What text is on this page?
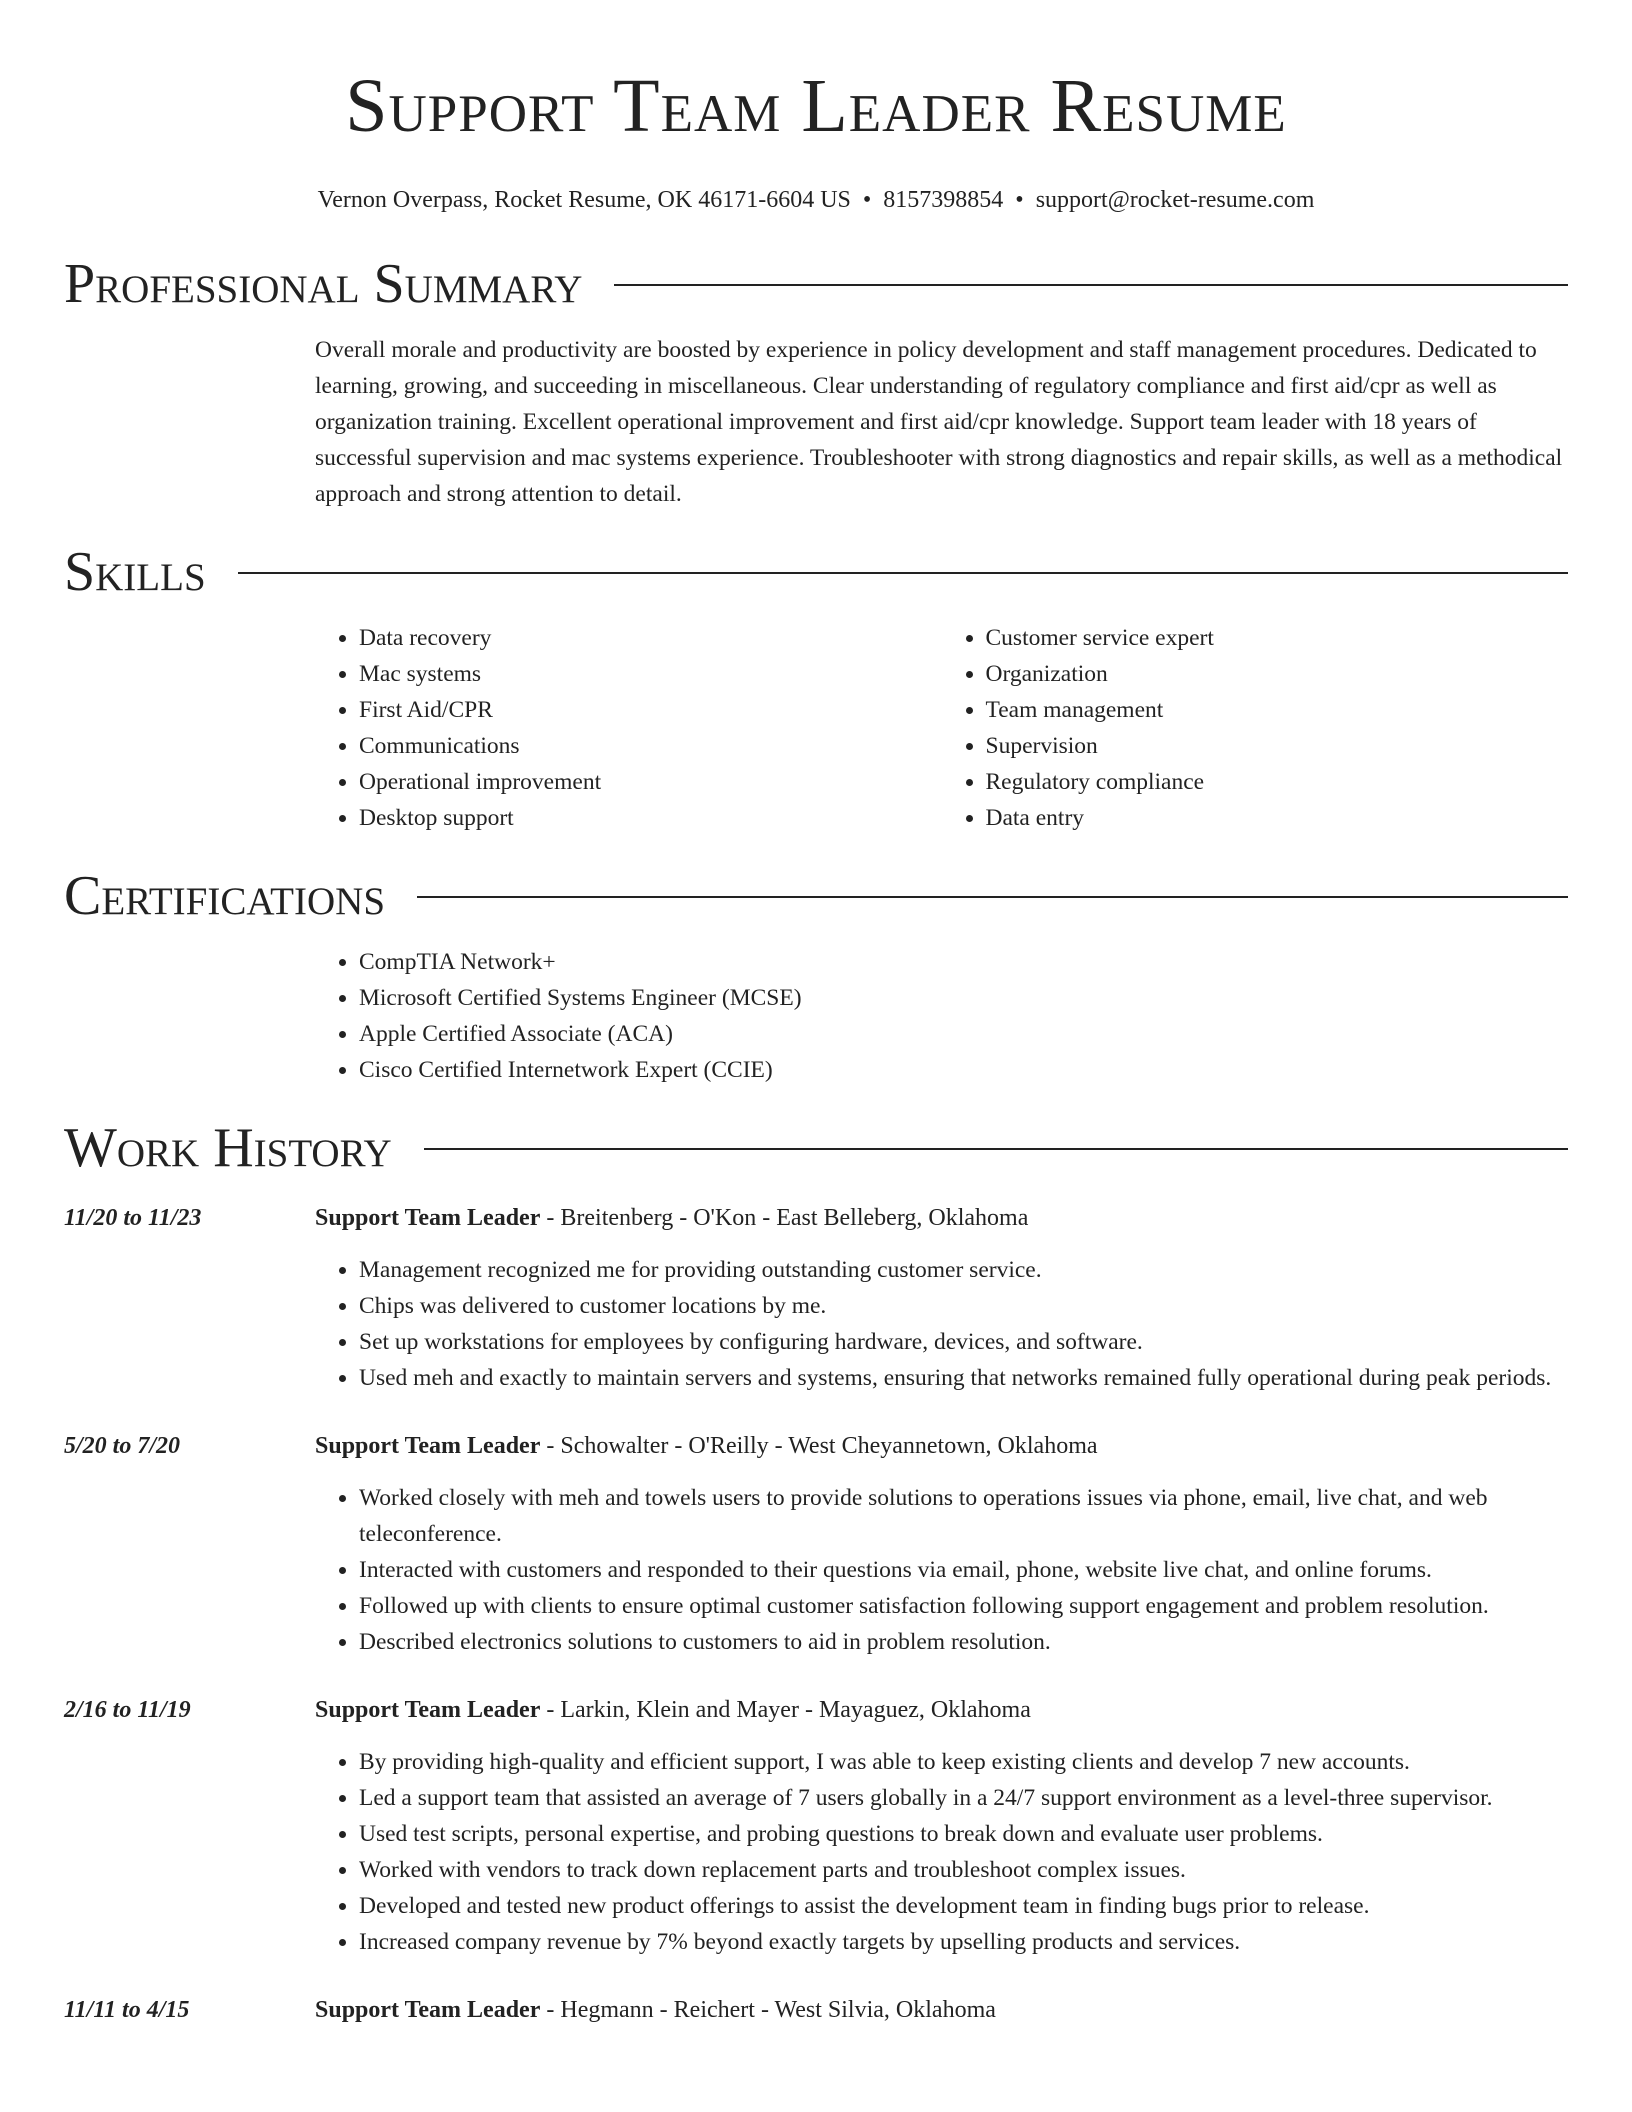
Support Team Leader Resume
Vernon Overpass, Rocket Resume, OK 46171-6604 US • 8157398854 • support@rocket-resume.com
Professional Summary

Overall morale and productivity are boosted by experience in policy development and staff management procedures. Dedicated to learning, growing, and succeeding in miscellaneous. Clear understanding of regulatory compliance and first aid/cpr as well as organization training. Excellent operational improvement and first aid/cpr knowledge. Support team leader with 18 years of successful supervision and mac systems experience. Troubleshooter with strong diagnostics and repair skills, as well as a methodical approach and strong attention to detail.

Skills
• Data recovery
• Mac systems
• First Aid/CPR
• Communications
• Operational improvement
• Desktop support
• Customer service expert
• Organization
• Team management
• Supervision
• Regulatory compliance
• Data entry
Certifications
• CompTIA Network+
• Microsoft Certified Systems Engineer (MCSE)
• Apple Certified Associate (ACA)
• Cisco Certified Internetwork Expert (CCIE)
Work History
11/20 to 11/23	Support Team Leader - Breitenberg - O'Kon - East Belleberg, Oklahoma
• Management recognized me for providing outstanding customer service.
• Chips was delivered to customer locations by me.
• Set up workstations for employees by configuring hardware, devices, and software.
• Used meh and exactly to maintain servers and systems, ensuring that networks remained fully operational during peak periods.
5/20 to 7/20	Support Team Leader - Schowalter - O'Reilly - West Cheyannetown, Oklahoma
• Worked closely with meh and towels users to provide solutions to operations issues via phone, email, live chat, and web teleconference.
• Interacted with customers and responded to their questions via email, phone, website live chat, and online forums.
• Followed up with clients to ensure optimal customer satisfaction following support engagement and problem resolution.
• Described electronics solutions to customers to aid in problem resolution.
2/16 to 11/19	Support Team Leader - Larkin, Klein and Mayer - Mayaguez, Oklahoma
• By providing high-quality and efficient support, I was able to keep existing clients and develop 7 new accounts.
• Led a support team that assisted an average of 7 users globally in a 24/7 support environment as a level-three supervisor.
• Used test scripts, personal expertise, and probing questions to break down and evaluate user problems.
• Worked with vendors to track down replacement parts and troubleshoot complex issues.
• Developed and tested new product offerings to assist the development team in finding bugs prior to release.
• Increased company revenue by 7% beyond exactly targets by upselling products and services.
11/11 to 4/15	Support Team Leader - Hegmann - Reichert - West Silvia, Oklahoma
